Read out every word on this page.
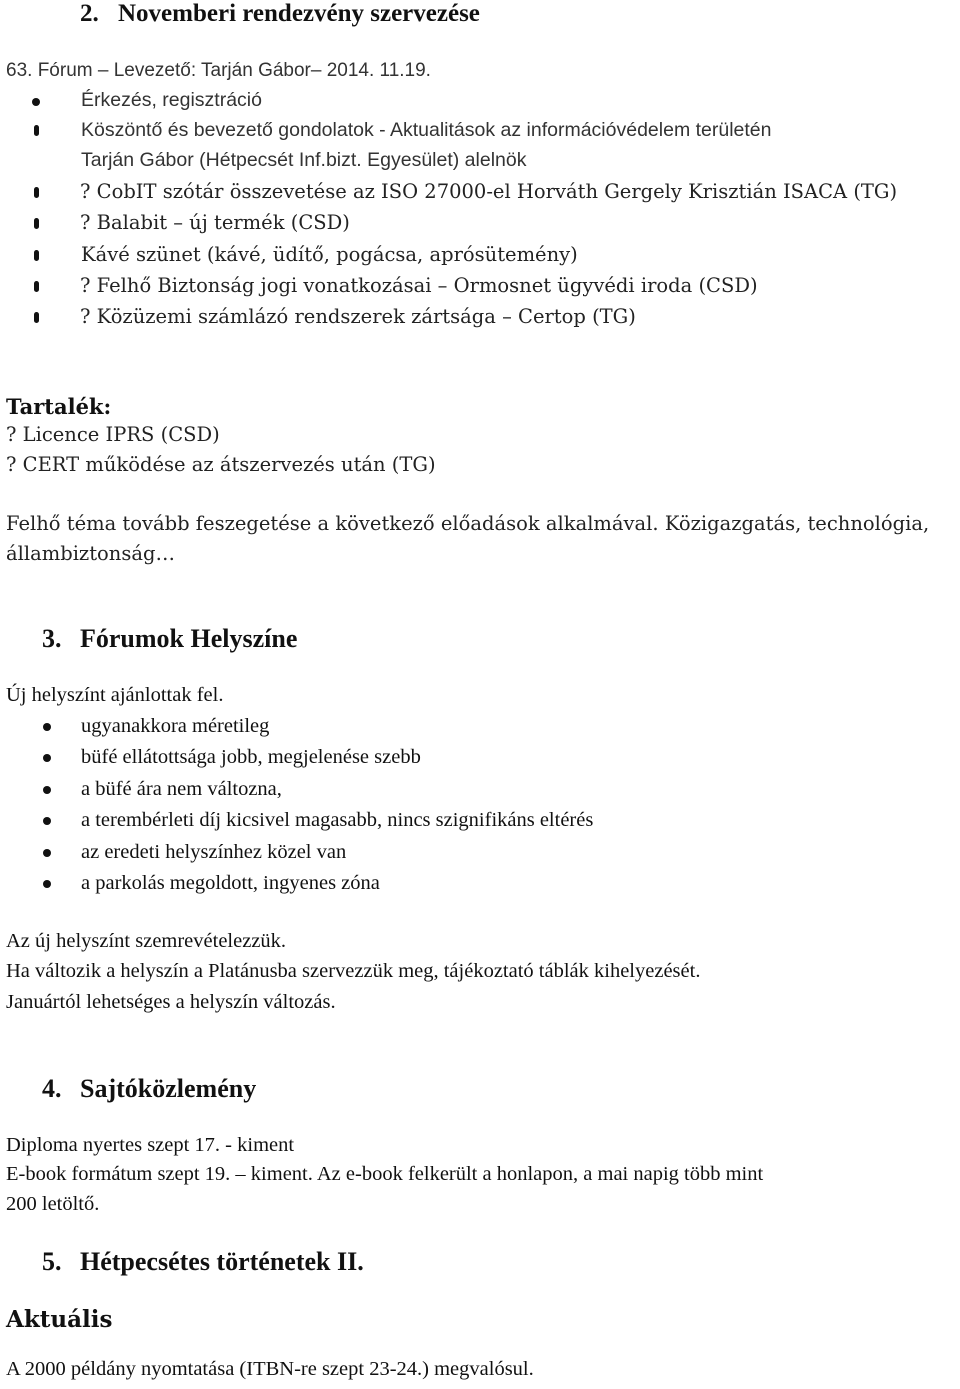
2. Novemberi rendezvény szervezése
63. Fórum – Levezető: Tarján Gábor– 2014. 11.19.
Érkezés, regisztráció
Köszöntő és bevezető gondolatok - Aktualitások az információvédelem területén
Tarján Gábor (Hétpecsét Inf.bizt. Egyesület) alelnök
? CobIT szótár összevetése az ISO 27000-el Horváth Gergely Krisztián ISACA (TG)
? Balabit – új termék (CSD)
Kávé szünet (kávé, üdítő, pogácsa, aprósütemény)
? Felhő Biztonság jogi vonatkozásai – Ormosnet ügyvédi iroda (CSD)
? Közüzemi számlázó rendszerek zártsága – Certop (TG)
Tartalék:
? Licence IPRS (CSD)
? CERT működése az átszervezés után (TG)
Felhő téma tovább feszegetése a következő előadások alkalmával. Közigazgatás, technológia,
állambiztonság…
3. Fórumok Helyszíne
Új helyszínt ajánlottak fel.
ugyanakkora méretileg
büfé ellátottsága jobb, megjelenése szebb
a büfé ára nem változna,
a terembérleti díj kicsivel magasabb, nincs szignifikáns eltérés
az eredeti helyszínhez közel van
a parkolás megoldott, ingyenes zóna
Az új helyszínt szemrevételezzük.
Ha változik a helyszín a Platánusba szervezzük meg, tájékoztató táblák kihelyezését.
Januártól lehetséges a helyszín változás.
4. Sajtóközlemény
Diploma nyertes szept 17. - kiment
E-book formátum szept 19. – kiment. Az e-book felkerült a honlapon, a mai napig több mint
200 letöltő.
5. Hétpecsétes történetek II.
Aktuális
A 2000 példány nyomtatása (ITBN-re szept 23-24.) megvalósul.
